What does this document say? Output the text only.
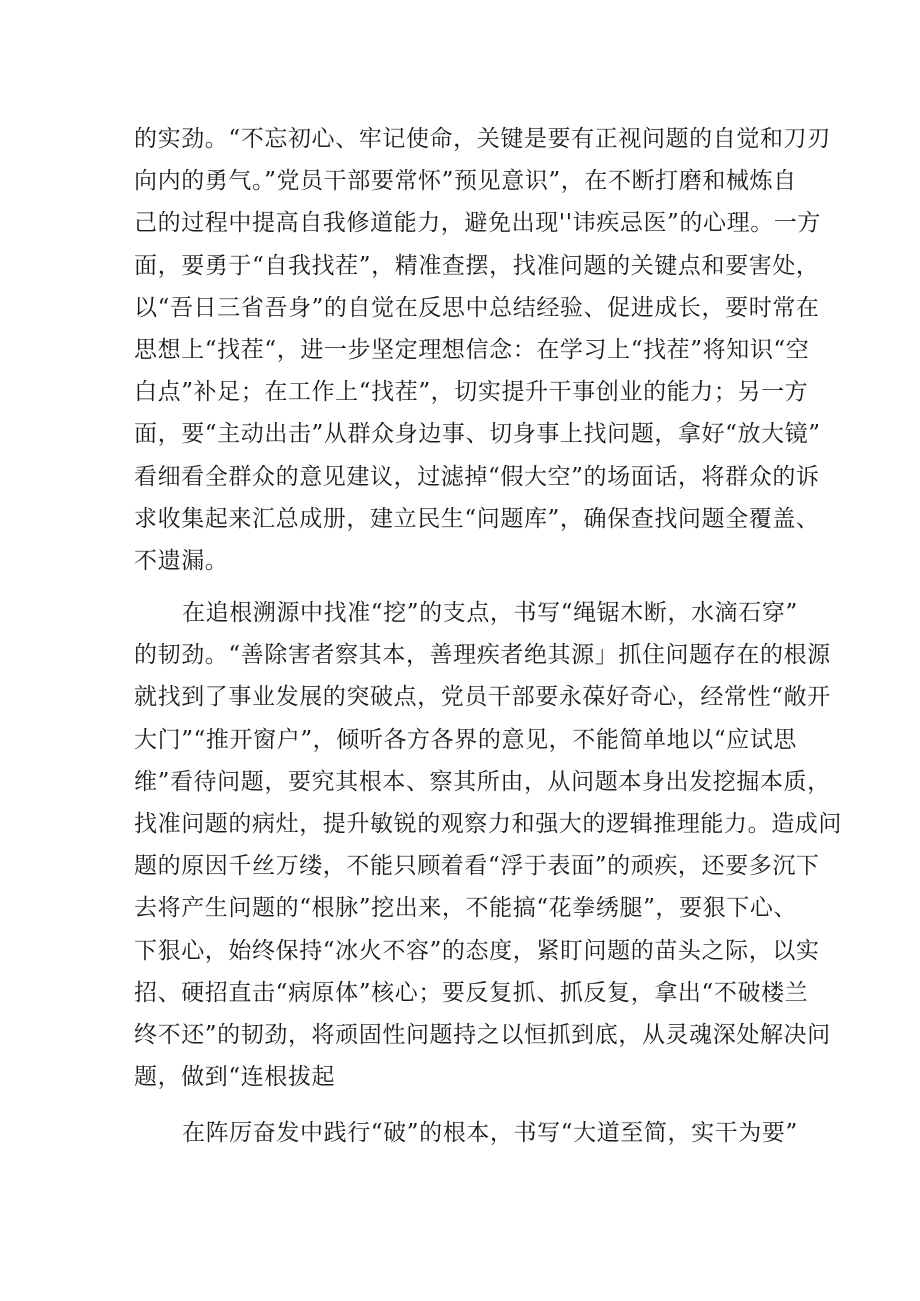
的实劲。“不忘初心、牢记使命，关键是要有正视问题的自觉和刀刃
向内的勇气。”党员干部要常怀”预见意识”，在不断打磨和械炼自
己的过程中提高自我修道能力，避免出现''讳疾忌医”的心理。一方
面，要勇于“自我找茬”，精准查摆，找准问题的关键点和要害处，
以“吾日三省吾身”的自觉在反思中总结经验、促进成长，要时常在
思想上“找茬“，进一步坚定理想信念：在学习上“找茬”将知识“空
白点”补足；在工作上“找茬”，切实提升干事创业的能力；另一方
面，要“主动出击”从群众身边事、切身事上找问题，拿好“放大镜”
看细看全群众的意见建议，过滤掉“假大空”的场面话，将群众的诉
求收集起来汇总成册，建立民生“问题库”，确保查找问题全覆盖、
不遗漏。
在追根溯源中找准“挖”的支点，书写“绳锯木断，水滴石穿”
的韧劲。“善除害者察其本，善理疾者绝其源」抓住问题存在的根源
就找到了事业发展的突破点，党员干部要永葆好奇心，经常性“敞开
大门”“推开窗户”，倾听各方各界的意见，不能简单地以“应试思
维”看待问题，要究其根本、察其所由，从问题本身出发挖掘本质，
找准问题的病灶，提升敏锐的观察力和强大的逻辑推理能力。造成问
题的原因千丝万缕，不能只顾着看“浮于表面”的顽疾，还要多沉下
去将产生问题的“根脉”挖出来，不能搞“花拳绣腿”，要狠下心、
下狠心，始终保持“冰火不容”的态度，紧盯问题的苗头之际，以实
招、硬招直击“病原体”核心；要反复抓、抓反复，拿出“不破楼兰
终不还”的韧劲，将顽固性问题持之以恒抓到底，从灵魂深处解决问
题，做到“连根拔起
在阵厉奋发中践行“破”的根本，书写“大道至简，实干为要”
